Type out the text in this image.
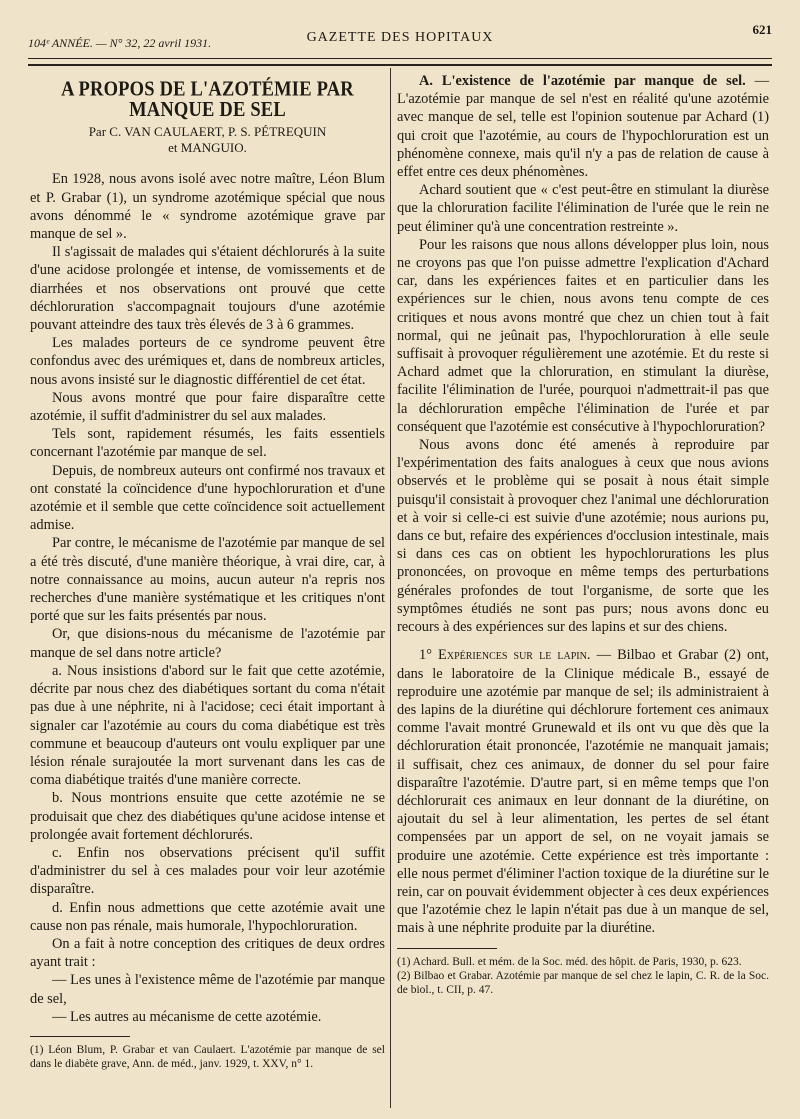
104ᵉ ANNÉE. — N° 32, 22 avril 1931.	GAZETTE DES HOPITAUX
621
A PROPOS DE L'AZOTÉMIE PAR MANQUE DE SEL
Par C. VAN CAULAERT, P. S. PÉTREQUIN
et MANGUIO.

En 1928, nous avons isolé avec notre maître, Léon Blum et P. Grabar (1), un syndrome azotémique spécial que nous avons dénommé le « syndrome azotémique grave par manque de sel ».

Il s'agissait de malades qui s'étaient déchlorurés à la suite d'une acidose prolongée et intense, de vomissements et de diarrhées et nos observations ont prouvé que cette déchloruration s'accompagnait toujours d'une azotémie pouvant atteindre des taux très élevés de 3 à 6 grammes.

Les malades porteurs de ce syndrome peuvent être confondus avec des urémiques et, dans de nombreux articles, nous avons insisté sur le diagnostic différentiel de cet état.

Nous avons montré que pour faire disparaître cette azotémie, il suffit d'administrer du sel aux malades.

Tels sont, rapidement résumés, les faits essentiels concernant l'azotémie par manque de sel.

Depuis, de nombreux auteurs ont confirmé nos travaux et ont constaté la coïncidence d'une hypochloruration et d'une azotémie et il semble que cette coïncidence soit actuellement admise.

Par contre, le mécanisme de l'azotémie par manque de sel a été très discuté, d'une manière théorique, à vrai dire, car, à notre connaissance au moins, aucun auteur n'a repris nos recherches d'une manière systématique et les critiques n'ont porté que sur les faits présentés par nous.

Or, que disions-nous du mécanisme de l'azotémie par manque de sel dans notre article?

a. Nous insistions d'abord sur le fait que cette azotémie, décrite par nous chez des diabétiques sortant du coma n'était pas due à une néphrite, ni à l'acidose; ceci était important à signaler car l'azotémie au cours du coma diabétique est très commune et beaucoup d'auteurs ont voulu expliquer par une lésion rénale surajoutée la mort survenant dans les cas de coma diabétique traités d'une manière correcte.

b. Nous montrions ensuite que cette azotémie ne se produisait que chez des diabétiques qu'une acidose intense et prolongée avait fortement déchlorurés.

c. Enfin nos observations précisent qu'il suffit d'administrer du sel à ces malades pour voir leur azotémie disparaître.

d. Enfin nous admettions que cette azotémie avait une cause non pas rénale, mais humorale, l'hypochloruration.

On a fait à notre conception des critiques de deux ordres ayant trait :

— Les unes à l'existence même de l'azotémie par manque de sel,

— Les autres au mécanisme de cette azotémie.

(1) Léon Blum, P. Grabar et van Caulaert. L'azotémie par manque de sel dans le diabète grave, Ann. de méd., janv. 1929, t. XXV, n° 1.

A. L'existence de l'azotémie par manque de sel. — L'azotémie par manque de sel n'est en réalité qu'une azotémie avec manque de sel, telle est l'opinion soutenue par Achard (1) qui croit que l'azotémie, au cours de l'hypochloruration est un phénomène connexe, mais qu'il n'y a pas de relation de cause à effet entre ces deux phénomènes.

Achard soutient que « c'est peut-être en stimulant la diurèse que la chloruration facilite l'élimination de l'urée que le rein ne peut éliminer qu'à une concentration restreinte ».

Pour les raisons que nous allons développer plus loin, nous ne croyons pas que l'on puisse admettre l'explication d'Achard car, dans les expériences faites et en particulier dans les expériences sur le chien, nous avons tenu compte de ces critiques et nous avons montré que chez un chien tout à fait normal, qui ne jeûnait pas, l'hypochloruration à elle seule suffisait à provoquer régulièrement une azotémie. Et du reste si Achard admet que la chloruration, en stimulant la diurèse, facilite l'élimination de l'urée, pourquoi n'admettrait-il pas que la déchloruration empêche l'élimination de l'urée et par conséquent que l'azotémie est consécutive à l'hypochloruration?

Nous avons donc été amenés à reproduire par l'expérimentation des faits analogues à ceux que nous avions observés et le problème qui se posait à nous était simple puisqu'il consistait à provoquer chez l'animal une déchloruration et à voir si celle-ci est suivie d'une azotémie; nous aurions pu, dans ce but, refaire des expériences d'occlusion intestinale, mais si dans ces cas on obtient les hypochlorurations les plus prononcées, on provoque en même temps des perturbations générales profondes de tout l'organisme, de sorte que les symptômes étudiés ne sont pas purs; nous avons donc eu recours à des expériences sur des lapins et sur des chiens.

1° Expériences sur le lapin. — Bilbao et Grabar (2) ont, dans le laboratoire de la Clinique médicale B., essayé de reproduire une azotémie par manque de sel; ils administraient à des lapins de la diurétine qui déchlorure fortement ces animaux comme l'avait montré Grunewald et ils ont vu que dès que la déchloruration était prononcée, l'azotémie ne manquait jamais; il suffisait, chez ces animaux, de donner du sel pour faire disparaître l'azotémie. D'autre part, si en même temps que l'on déchlorurait ces animaux en leur donnant de la diurétine, on ajoutait du sel à leur alimentation, les pertes de sel étant compensées par un apport de sel, on ne voyait jamais se produire une azotémie. Cette expérience est très importante : elle nous permet d'éliminer l'action toxique de la diurétine sur le rein, car on pouvait évidemment objecter à ces deux expériences que l'azotémie chez le lapin n'était pas due à un manque de sel, mais à une néphrite produite par la diurétine.

(1) Achard. Bull. et mém. de la Soc. méd. des hôpit. de Paris, 1930, p. 623.

(2) Bilbao et Grabar. Azotémie par manque de sel chez le lapin, C. R. de la Soc. de biol., t. CII, p. 47.
